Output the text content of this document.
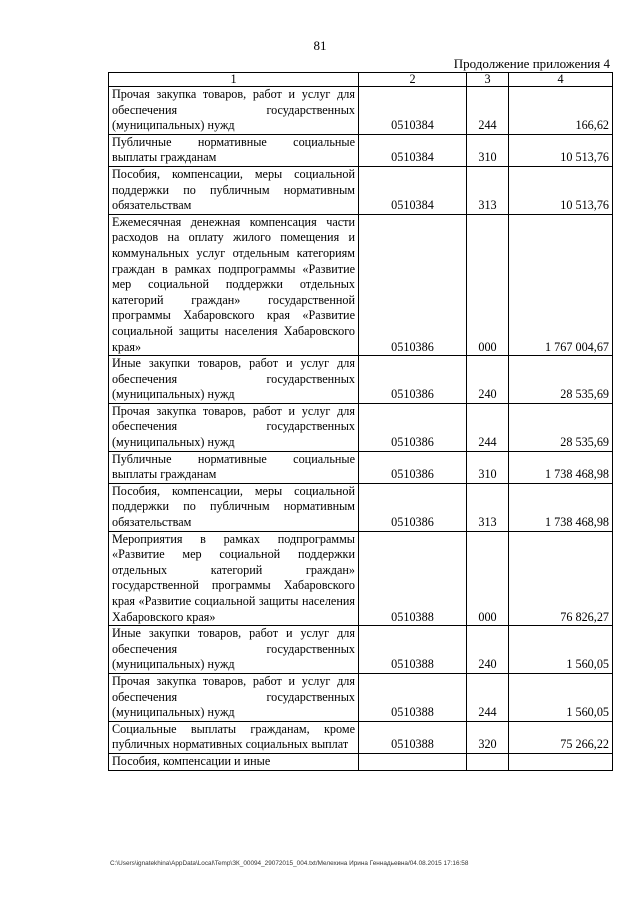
81
Продолжение приложения 4
1	2	3	4
Прочая закупка товаров, работ и услуг для обеспечения государственных (муниципальных) нужд	0510384	244	166,62
Публичные нормативные социальные выплаты гражданам	0510384	310	10 513,76
Пособия, компенсации, меры социальной поддержки по публичным нормативным обязательствам	0510384	313	10 513,76
Ежемесячная денежная компенсация части расходов на оплату жилого помещения и коммунальных услуг отдельным категориям граждан в рамках подпрограммы «Развитие мер социальной поддержки отдельных категорий граждан» государственной программы Хабаровского края «Развитие социальной защиты населения Хабаровского края»	0510386	000	1 767 004,67
Иные закупки товаров, работ и услуг для обеспечения государственных (муниципальных) нужд	0510386	240	28 535,69
Прочая закупка товаров, работ и услуг для обеспечения государственных (муниципальных) нужд	0510386	244	28 535,69
Публичные нормативные социальные выплаты гражданам	0510386	310	1 738 468,98
Пособия, компенсации, меры социальной поддержки по публичным нормативным обязательствам	0510386	313	1 738 468,98
Мероприятия в рамках подпрограммы «Развитие мер социальной поддержки отдельных категорий граждан» государственной программы Хабаровского края «Развитие социальной защиты населения Хабаровского края»	0510388	000	76 826,27
Иные закупки товаров, работ и услуг для обеспечения государственных (муниципальных) нужд	0510388	240	1 560,05
Прочая закупка товаров, работ и услуг для обеспечения государственных (муниципальных) нужд	0510388	244	1 560,05
Социальные выплаты гражданам, кроме публичных нормативных социальных выплат	0510388	320	75 266,22
Пособия, компенсации и иные			
C:\Users\ignatekhina\AppData\Local\Temp\ЗК_00094_29072015_004.txt/Мелехина Ирина Геннадьевна/04.08.2015 17:16:58
